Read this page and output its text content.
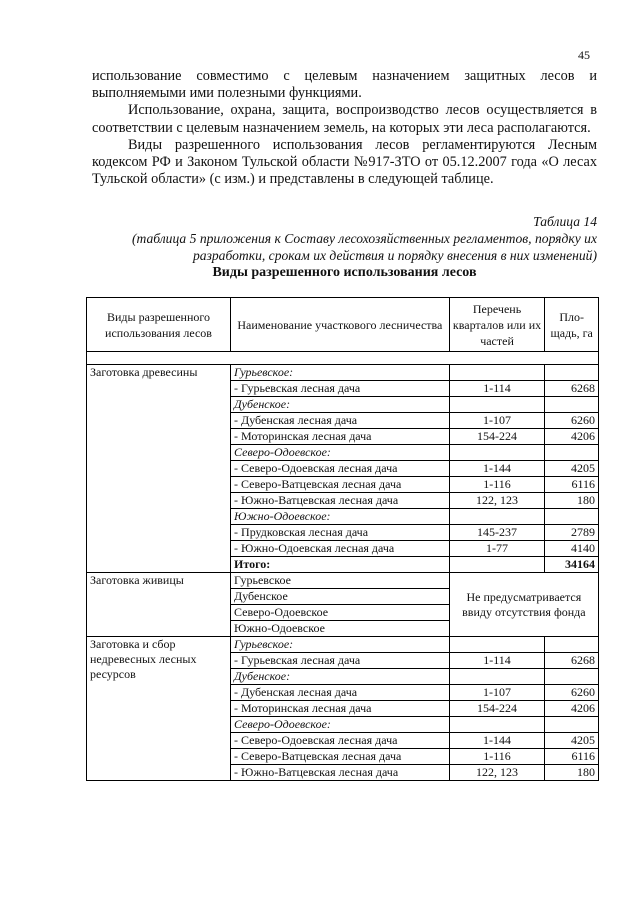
45

использование совместимо с целевым назначением защитных лесов и выполняемыми ими полезными функциями.

Использование, охрана, защита, воспроизводство лесов осуществляется в соответствии с целевым назначением земель, на которых эти леса располагаются.

Виды разрешенного использования лесов регламентируются Лесным кодексом РФ и Законом Тульской области №917-ЗТО от 05.12.2007 года «О лесах Тульской области» (с изм.) и представлены в следующей таблице.

Таблица 14
(таблица 5 приложения к Составу лесохозяйственных регламентов, порядку их разработки, срокам их действия и порядку внесения в них изменений)
Виды разрешенного использования лесов
Виды разрешенного использования лесов	Наименование участкового лесничества	Перечень кварталов или их частей	Пло-щадь, га

Заготовка древесины	Гурьевское:		
	- Гурьевская лесная дача	1-114	6268
	Дубенское:		
	- Дубенская лесная дача	1-107	6260
	- Моторинская лесная дача	154-224	4206
	Северо-Одоевское:		
	- Северо-Одоевская лесная дача	1-144	4205
	- Северо-Ватцевская лесная дача	1-116	6116
	- Южно-Ватцевская лесная дача	122, 123	180
	Южно-Одоевское:		
	- Прудковская лесная дача	145-237	2789
	- Южно-Одоевская лесная дача	1-77	4140
	Итого:		34164
Заготовка живицы	Гурьевское	Не предусматривается ввиду отсутствия фонда	
	Дубенское		
	Северо-Одоевское		
	Южно-Одоевское		
Заготовка и сбор недревесных лесных ресурсов	Гурьевское:		
	- Гурьевская лесная дача	1-114	6268
	Дубенское:		
	- Дубенская лесная дача	1-107	6260
	- Моторинская лесная дача	154-224	4206
	Северо-Одоевское:		
	- Северо-Одоевская лесная дача	1-144	4205
	- Северо-Ватцевская лесная дача	1-116	6116
	- Южно-Ватцевская лесная дача	122, 123	180
